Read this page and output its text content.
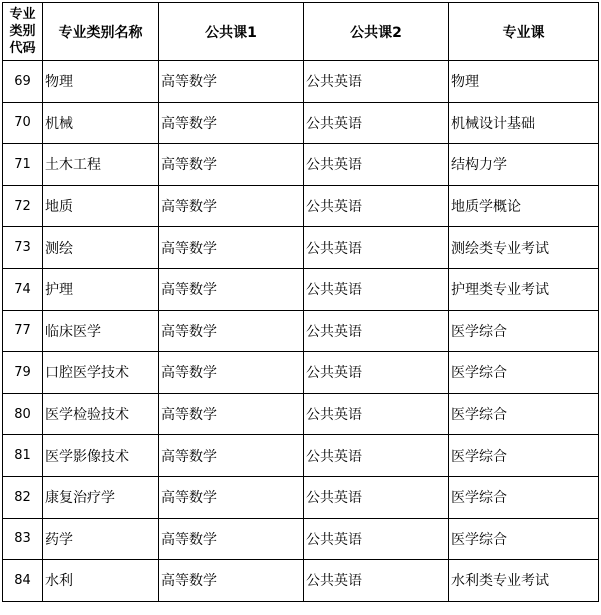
专业
类别
代码	专业类别名称	公共课1	公共课2	专业课
69	物理	高等数学	公共英语	物理
70	机械	高等数学	公共英语	机械设计基础
71	土木工程	高等数学	公共英语	结构力学
72	地质	高等数学	公共英语	地质学概论
73	测绘	高等数学	公共英语	测绘类专业考试
74	护理	高等数学	公共英语	护理类专业考试
77	临床医学	高等数学	公共英语	医学综合
79	口腔医学技术	高等数学	公共英语	医学综合
80	医学检验技术	高等数学	公共英语	医学综合
81	医学影像技术	高等数学	公共英语	医学综合
82	康复治疗学	高等数学	公共英语	医学综合
83	药学	高等数学	公共英语	医学综合
84	水利	高等数学	公共英语	水利类专业考试
